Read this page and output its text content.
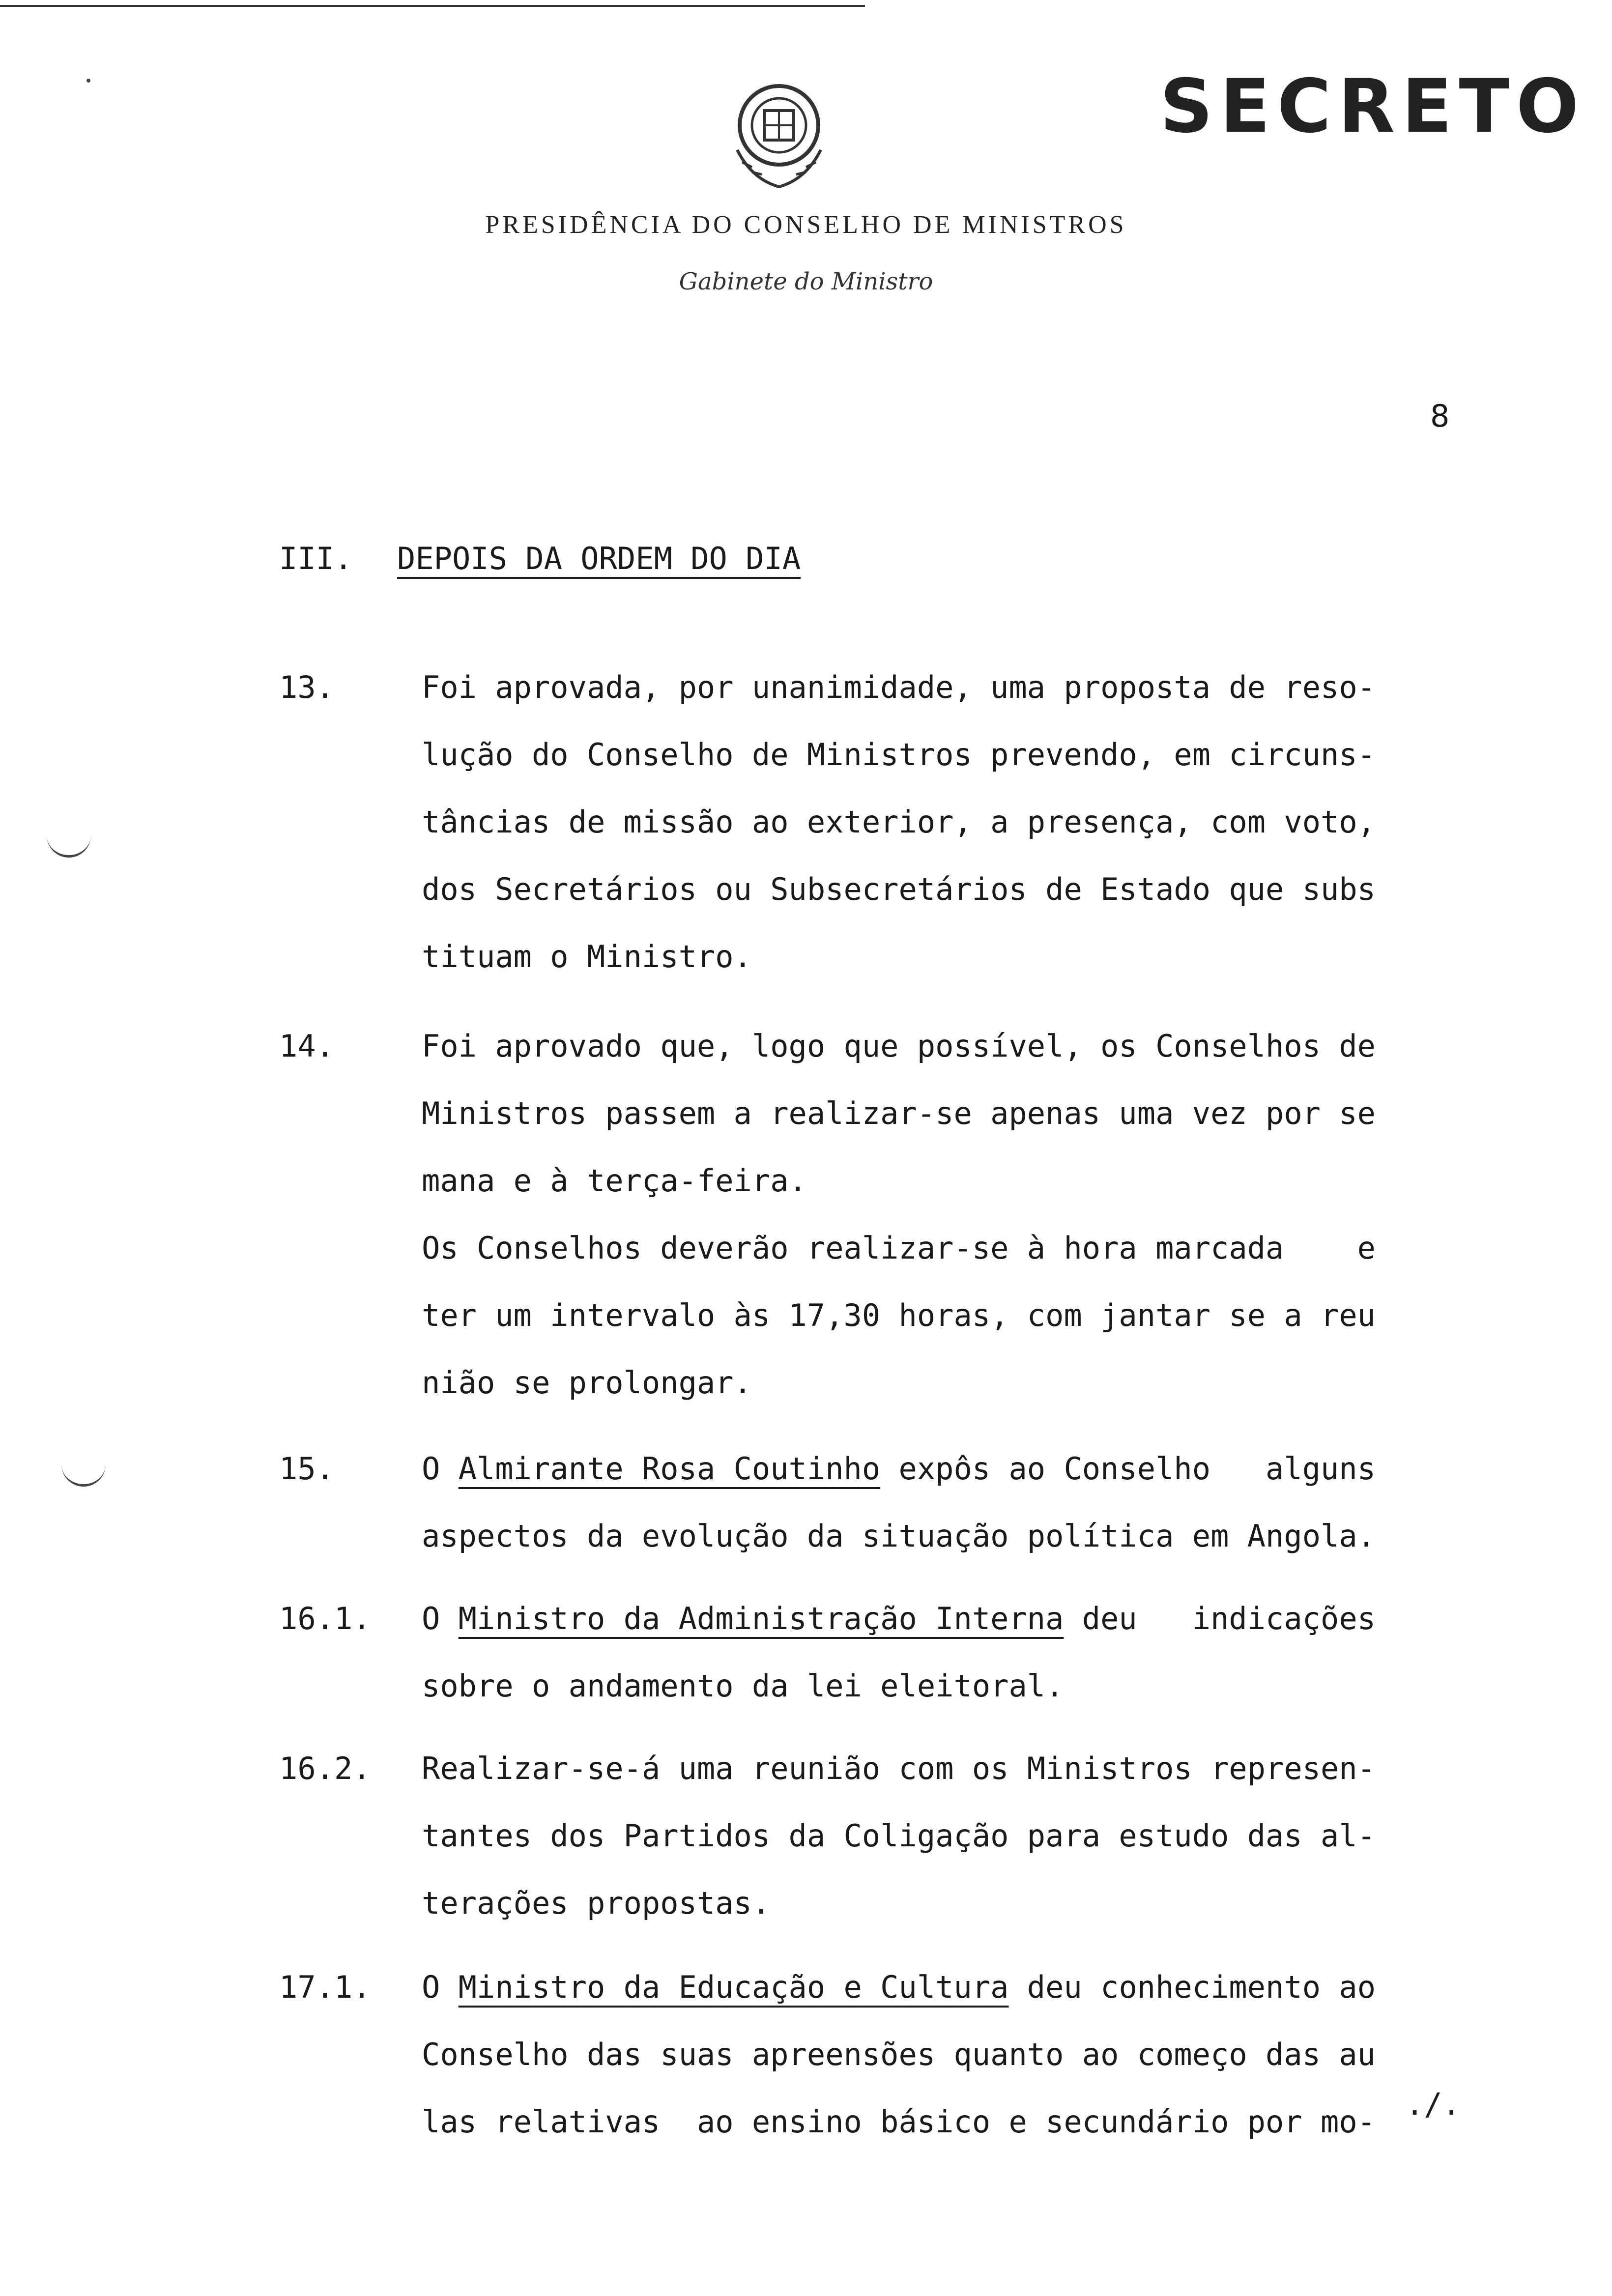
SECRETO
PRESIDÊNCIA DO CONSELHO DE MINISTROS
Gabinete do Ministro
8
III. DEPOIS DA ORDEM DO DIA
13.	Foi aprovada, por unanimidade, uma proposta de reso-
lução do Conselho de Ministros prevendo, em circuns-
tâncias de missão ao exterior, a presença, com voto,
dos Secretários ou Subsecretários de Estado que subs
tituam o Ministro.
14.	Foi aprovado que, logo que possível, os Conselhos de
Ministros passem a realizar-se apenas uma vez por se
mana e à terça-feira.
Os Conselhos deverão realizar-se à hora marcada    e
ter um intervalo às 17,30 horas, com jantar se a reu
nião se prolongar.
15.	O Almirante Rosa Coutinho expôs ao Conselho   alguns
aspectos da evolução da situação política em Angola.
16.1. O Ministro da Administração Interna deu   indicações
sobre o andamento da lei eleitoral.
16.2. Realizar-se-á uma reunião com os Ministros represen-
tantes dos Partidos da Coligação para estudo das al-
terações propostas.
17.1. O Ministro da Educação e Cultura deu conhecimento ao
Conselho das suas apreensões quanto ao começo das au
las relativas  ao ensino básico e secundário por mo- ./.
